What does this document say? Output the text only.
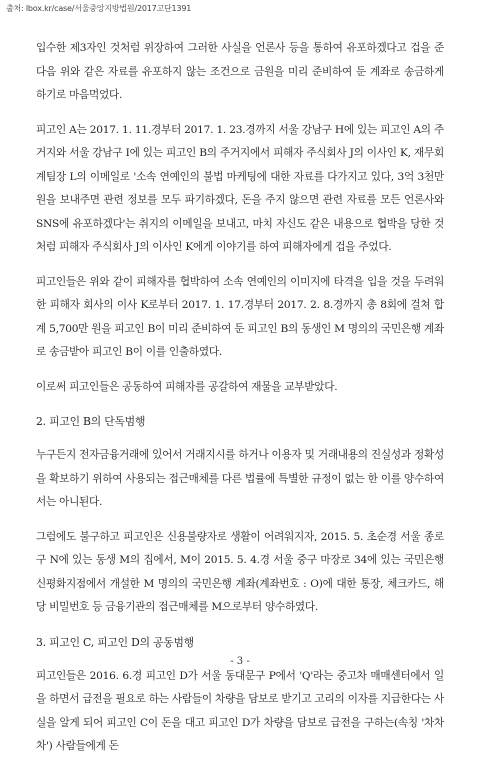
출처: lbox.kr/case/서울중앙지방법원/2017고단1391

입수한 제3자인 것처럼 위장하여 그러한 사실을 언론사 등을 통하여 유포하겠다고 겁을 준 다음 위와 같은 자료를 유포하지 않는 조건으로 금원을 미리 준비하여 둔 계좌로 송금하게 하기로 마음먹었다.

피고인 A는 2017. 1. 11.경부터 2017. 1. 23.경까지 서울 강남구 H에 있는 피고인 A의 주거지와 서울 강남구 I에 있는 피고인 B의 주거지에서 피해자 주식회사 J의 이사인 K, 재무회계팀장 L의 이메일로 '소속 연예인의 불법 마케팅에 대한 자료를 다가지고 있다, 3억 3천만원을 보내주면 관련 정보를 모두 파기하겠다, 돈을 주지 않으면 관련 자료를 모든 언론사와 SNS에 유포하겠다'는 취지의 이메일을 보내고, 마치 자신도 같은 내용으로 협박을 당한 것처럼 피해자 주식회사 J의 이사인 K에게 이야기를 하여 피해자에게 겁을 주었다.

피고인들은 위와 같이 피해자를 협박하여 소속 연예인의 이미지에 타격을 입을 것을 두려워 한 피해자 회사의 이사 K로부터 2017. 1. 17.경부터 2017. 2. 8.경까지 총 8회에 걸쳐 합계 5,700만 원을 피고인 B이 미리 준비하여 둔 피고인 B의 동생인 M 명의의 국민은행 계좌로 송금받아 피고인 B이 이를 인출하였다.

이로써 피고인들은 공동하여 피해자를 공갈하여 재물을 교부받았다.

2. 피고인 B의 단독범행

누구든지 전자금융거래에 있어서 거래지시를 하거나 이용자 및 거래내용의 진실성과 정확성을 확보하기 위하여 사용되는 접근매체를 다른 법률에 특별한 규정이 없는 한 이를 양수하여서는 아니된다.

그럼에도 불구하고 피고인은 신용불량자로 생활이 어려워지자, 2015. 5. 초순경 서울 종로구 N에 있는 동생 M의 집에서, M이 2015. 5. 4.경 서울 중구 마장로 34에 있는 국민은행 신평화지점에서 개설한 M 명의의 국민은행 계좌(계좌번호 : O)에 대한 통장, 체크카드, 해당 비밀번호 등 금융기관의 접근매체를 M으로부터 양수하였다.

3. 피고인 C, 피고인 D의 공동범행

피고인들은 2016. 6.경 피고인 D가 서울 동대문구 P에서 'Q'라는 중고차 매매센터에서 일을 하면서 급전을 필요로 하는 사람들이 차량을 담보로 받기고 고리의 이자를 지급한다는 사실을 알게 되어 피고인 C이 돈을 대고 피고인 D가 차량을 담보로 급전을 구하는(속칭 '차차차') 사람들에게 돈

- 3 -
